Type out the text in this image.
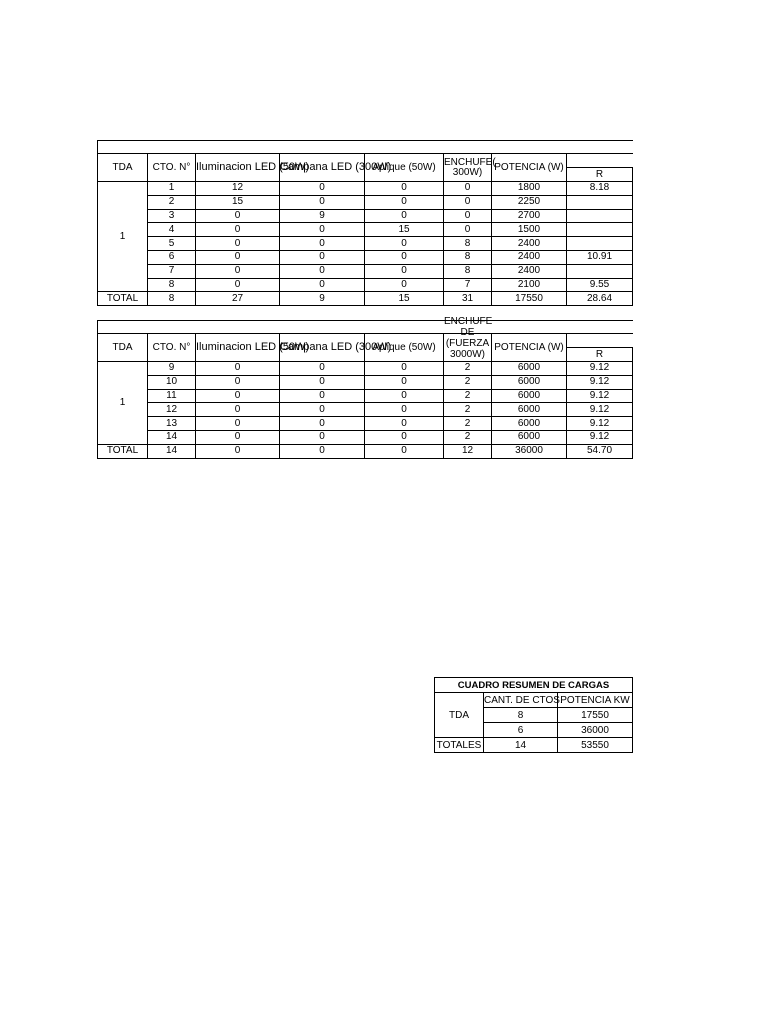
TDA	CTO. N°	Iluminacion LED (50W)	Campana LED (300W)	Aplique (50W)	ENCHUFE( 300W)	POTENCIA (W)	
							R
1	1	12	0	0	0	1800	8.18
	2	15	0	0	0	2250	
	3	0	9	0	0	2700	
	4	0	0	15	0	1500	
	5	0	0	0	8	2400	
	6	0	0	0	8	2400	10.91
	7	0	0	0	8	2400	
	8	0	0	0	7	2100	9.55
TOTAL	8	27	9	15	31	17550	28.64

TDA	CTO. N°	Iluminacion LED (50W)	Campana LED (300W)	Aplique (50W)	ENCHUFE DE (FUERZA 3000W)	POTENCIA (W)	
							R
1	9	0	0	0	2	6000	9.12
	10	0	0	0	2	6000	9.12
	11	0	0	0	2	6000	9.12
	12	0	0	0	2	6000	9.12
	13	0	0	0	2	6000	9.12
	14	0	0	0	2	6000	9.12
TOTAL	14	0	0	0	12	36000	54.70
CUADRO RESUMEN DE CARGAS		
TDA	CANT. DE CTOS.	POTENCIA KW
	8	17550
	6	36000
TOTALES	14	53550
